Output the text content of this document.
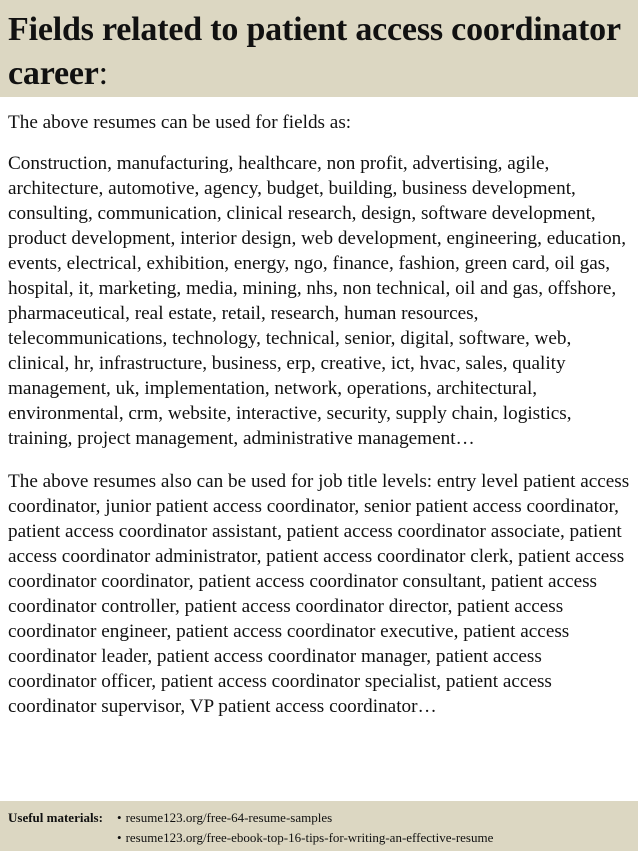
Fields related to patient access coordinator career:

The above resumes can be used for fields as:

Construction, manufacturing, healthcare, non profit, advertising, agile, architecture, automotive, agency, budget, building, business development, consulting, communication, clinical research, design, software development, product development, interior design, web development, engineering, education, events, electrical, exhibition, energy, ngo, finance, fashion, green card, oil gas, hospital, it, marketing, media, mining, nhs, non technical, oil and gas, offshore, pharmaceutical, real estate, retail, research, human resources, telecommunications, technology, technical, senior, digital, software, web, clinical, hr, infrastructure, business, erp, creative, ict, hvac, sales, quality management, uk, implementation, network, operations, architectural, environmental, crm, website, interactive, security, supply chain, logistics, training, project management, administrative management…

The above resumes also can be used for job title levels: entry level patient access coordinator, junior patient access coordinator, senior patient access coordinator, patient access coordinator assistant, patient access coordinator associate, patient access coordinator administrator, patient access coordinator clerk, patient access coordinator coordinator, patient access coordinator consultant, patient access coordinator controller, patient access coordinator director, patient access coordinator engineer, patient access coordinator executive, patient access coordinator leader, patient access coordinator manager, patient access coordinator officer, patient access coordinator specialist, patient access coordinator supervisor, VP patient access coordinator…

Useful materials: • resume123.org/free-64-resume-samples
• resume123.org/free-ebook-top-16-tips-for-writing-an-effective-resume
